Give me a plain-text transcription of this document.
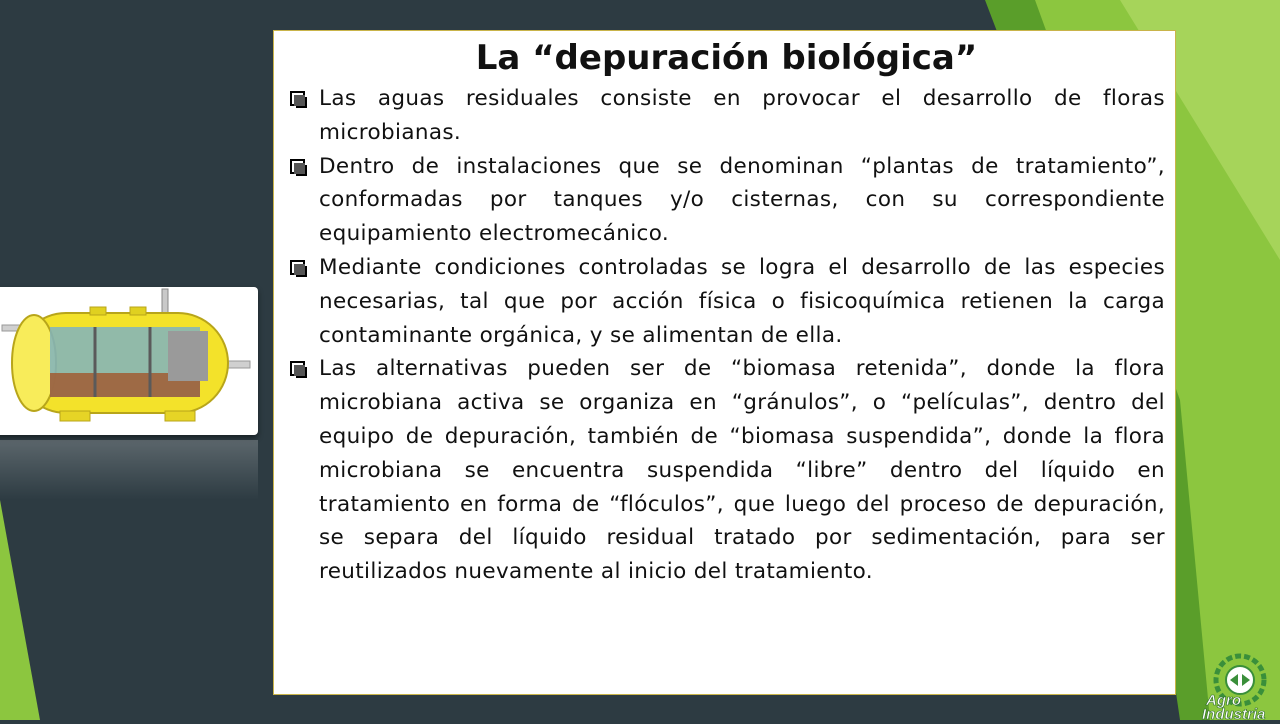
La “depuración biológica”
Las aguas residuales consiste en provocar el desarrollo de floras microbianas.
Dentro de instalaciones que se denominan “plantas de tratamiento”, conformadas por tanques y/o cisternas, con su correspondiente equipamiento electromecánico.
Mediante condiciones controladas se logra el desarrollo de las especies necesarias, tal que por acción física o fisicoquímica retienen la carga contaminante orgánica, y se alimentan de ella.
Las alternativas pueden ser de “biomasa retenida”, donde la flora microbiana activa se organiza en “gránulos”, o “películas”, dentro del equipo de depuración, también de “biomasa suspendida”, donde la flora microbiana se encuentra suspendida “libre” dentro del líquido en tratamiento en forma de “flóculos”, que luego del proceso de depuración, se separa del líquido residual tratado por sedimentación, para ser reutilizados nuevamente al inicio del tratamiento.
Agro
Industria
